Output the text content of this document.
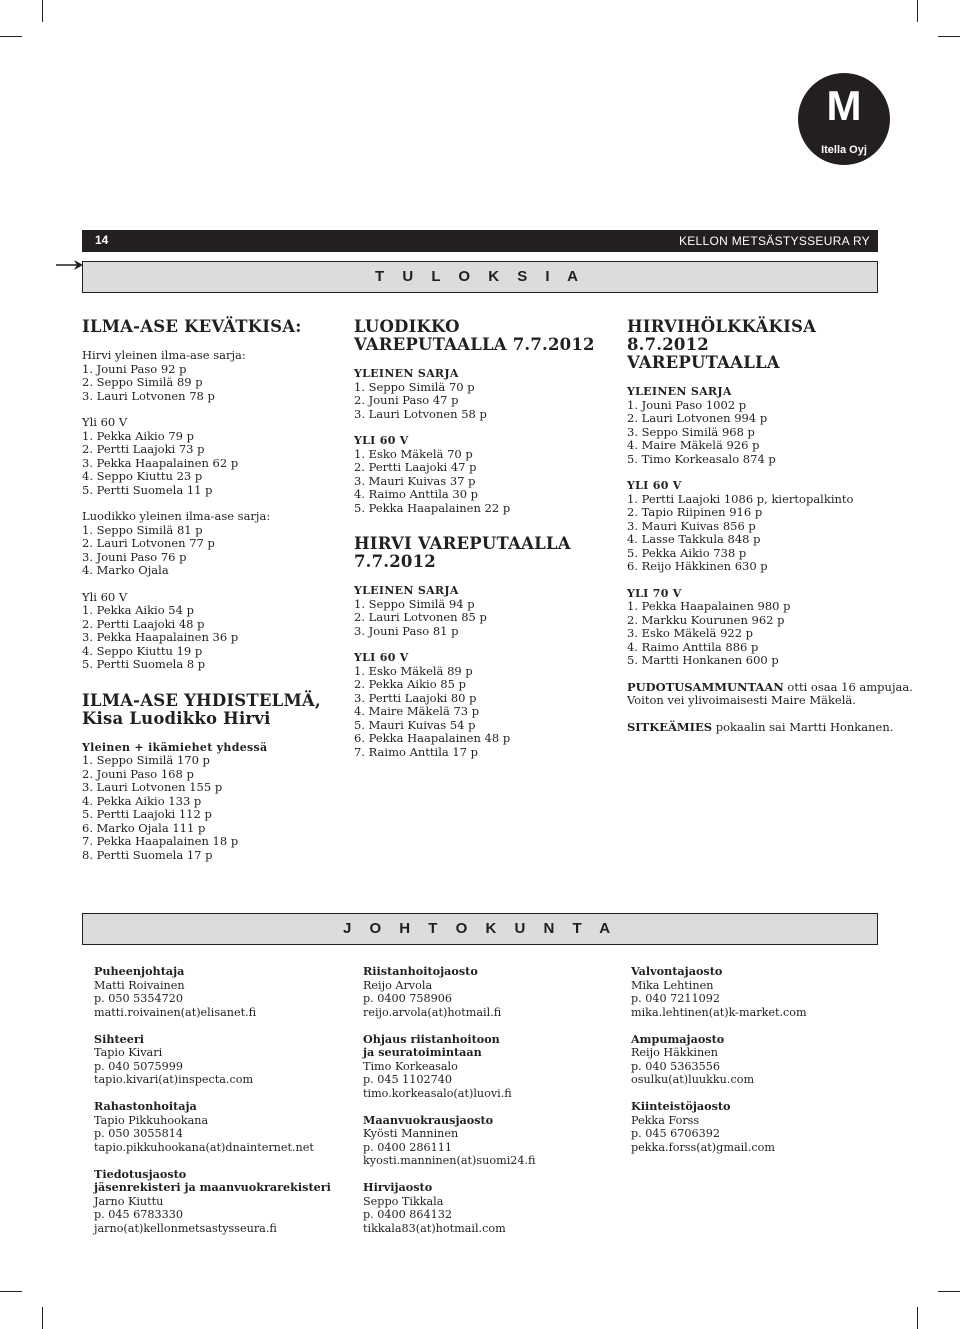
M
Itella Oyj
14	KELLON METSÄSTYSSEURA RY
T U L O K S I A
ILMA-ASE KEVÄTKISA:
Hirvi yleinen ilma-ase sarja:
1. Jouni Paso 92 p
2. Seppo Similä 89 p
3. Lauri Lotvonen 78 p
Yli 60 V
1. Pekka Aikio 79 p
2. Pertti Laajoki 73 p
3. Pekka Haapalainen 62 p
4. Seppo Kiuttu 23 p
5. Pertti Suomela 11 p
Luodikko yleinen ilma-ase sarja:
1. Seppo Similä 81 p
2. Lauri Lotvonen 77 p
3. Jouni Paso 76 p
4. Marko Ojala
Yli 60 V
1. Pekka Aikio 54 p
2. Pertti Laajoki 48 p
3. Pekka Haapalainen 36 p
4. Seppo Kiuttu 19 p
5. Pertti Suomela 8 p
ILMA-ASE YHDISTELMÄ,
Kisa Luodikko Hirvi
Yleinen + ikämiehet yhdessä
1. Seppo Similä 170 p
2. Jouni Paso 168 p
3. Lauri Lotvonen 155 p
4. Pekka Aikio 133 p
5. Pertti Laajoki 112 p
6. Marko Ojala 111 p
7. Pekka Haapalainen 18 p
8. Pertti Suomela 17 p
LUODIKKO
VAREPUTAALLA 7.7.2012
YLEINEN SARJA
1. Seppo Similä 70 p
2. Jouni Paso 47 p
3. Lauri Lotvonen 58 p
YLI 60 V
1. Esko Mäkelä 70 p
2. Pertti Laajoki 47 p
3. Mauri Kuivas 37 p
4. Raimo Anttila 30 p
5. Pekka Haapalainen 22 p
HIRVI VAREPUTAALLA
7.7.2012
YLEINEN SARJA
1. Seppo Similä 94 p
2. Lauri Lotvonen 85 p
3. Jouni Paso 81 p
YLI 60 V
1. Esko Mäkelä 89 p
2. Pekka Aikio 85 p
3. Pertti Laajoki 80 p
4. Maire Mäkelä 73 p
5. Mauri Kuivas 54 p
6. Pekka Haapalainen 48 p
7. Raimo Anttila 17 p
HIRVIHÖLKKÄKISA
8.7.2012
VAREPUTAALLA
YLEINEN SARJA
1. Jouni Paso 1002 p
2. Lauri Lotvonen 994 p
3. Seppo Similä 968 p
4. Maire Mäkelä 926 p
5. Timo Korkeasalo 874 p
YLI 60 V
1. Pertti Laajoki 1086 p, kiertopalkinto
2. Tapio Riipinen 916 p
3. Mauri Kuivas 856 p
4. Lasse Takkula 848 p
5. Pekka Aikio 738 p
6. Reijo Häkkinen 630 p
YLI 70 V
1. Pekka Haapalainen 980 p
2. Markku Kourunen 962 p
3. Esko Mäkelä 922 p
4. Raimo Anttila 886 p
5. Martti Honkanen 600 p
PUDOTUSAMMUNTAAN otti osaa 16 ampujaa.
Voiton vei ylivoimaisesti Maire Mäkelä.
SITKEÄMIES pokaalin sai Martti Honkanen.
J O H T O K U N T A
Puheenjohtaja
Matti Roivainen
p. 050 5354720
matti.roivainen(at)elisanet.fi
Sihteeri
Tapio Kivari
p. 040 5075999
tapio.kivari(at)inspecta.com
Rahastonhoitaja
Tapio Pikkuhookana
p. 050 3055814
tapio.pikkuhookana(at)dnainternet.net
Tiedotusjaosto
jäsenrekisteri ja maanvuokrarekisteri
Jarno Kiuttu
p. 045 6783330
jarno(at)kellonmetsastysseura.fi
Riistanhoitojaosto
Reijo Arvola
p. 0400 758906
reijo.arvola(at)hotmail.fi
Ohjaus riistanhoitoon
ja seuratoimintaan
Timo Korkeasalo
p. 045 1102740
timo.korkeasalo(at)luovi.fi
Maanvuokrausjaosto
Kyösti Manninen
p. 0400 286111
kyosti.manninen(at)suomi24.fi
Hirvijaosto
Seppo Tikkala
p. 0400 864132
tikkala83(at)hotmail.com
Valvontajaosto
Mika Lehtinen
p. 040 7211092
mika.lehtinen(at)k-market.com
Ampumajaosto
Reijo Häkkinen
p. 040 5363556
osulku(at)luukku.com
Kiinteistöjaosto
Pekka Forss
p. 045 6706392
pekka.forss(at)gmail.com
